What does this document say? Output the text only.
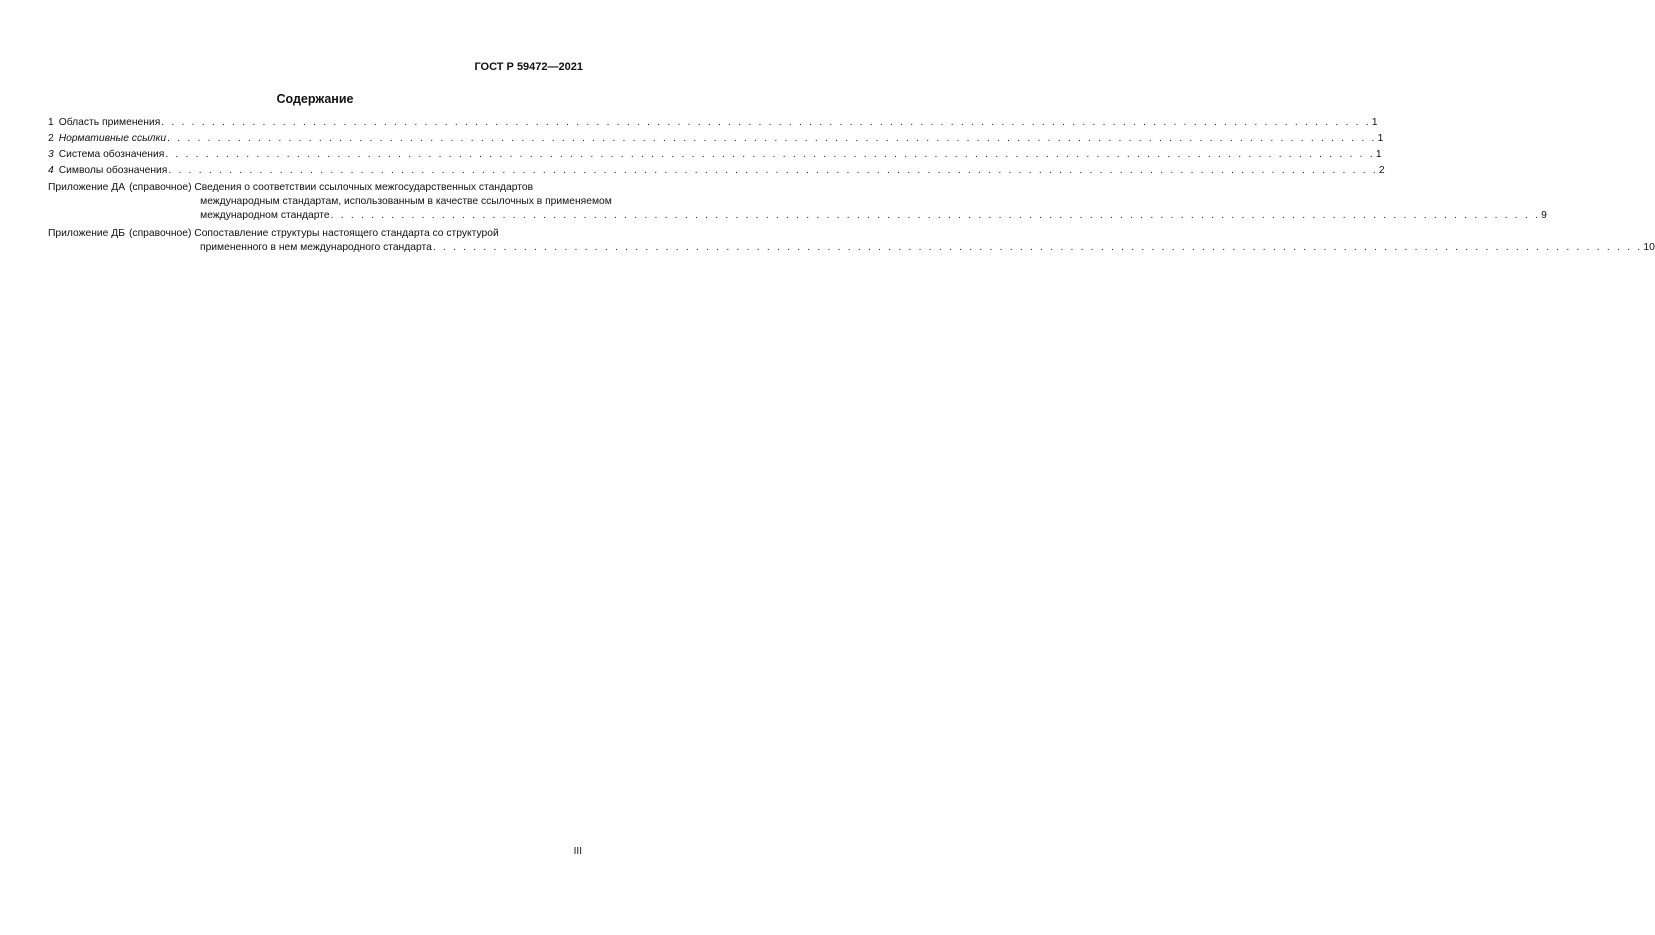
ГОСТ Р 59472—2021
Содержание
1 Область применения . . .	1
2 Нормативные ссылки . . .	1
3 Система обозначения . . .	1
4 Символы обозначения . . .	2
Приложение ДА (справочное) Сведения о соответствии ссылочных межгосударственных стандартов
международным стандартам, использованным в качестве ссылочных в применяемом
международном стандарте . . .	9
Приложение ДБ (справочное) Сопоставление структуры настоящего стандарта со структурой
примененного в нем международного стандарта . . .	10
III
